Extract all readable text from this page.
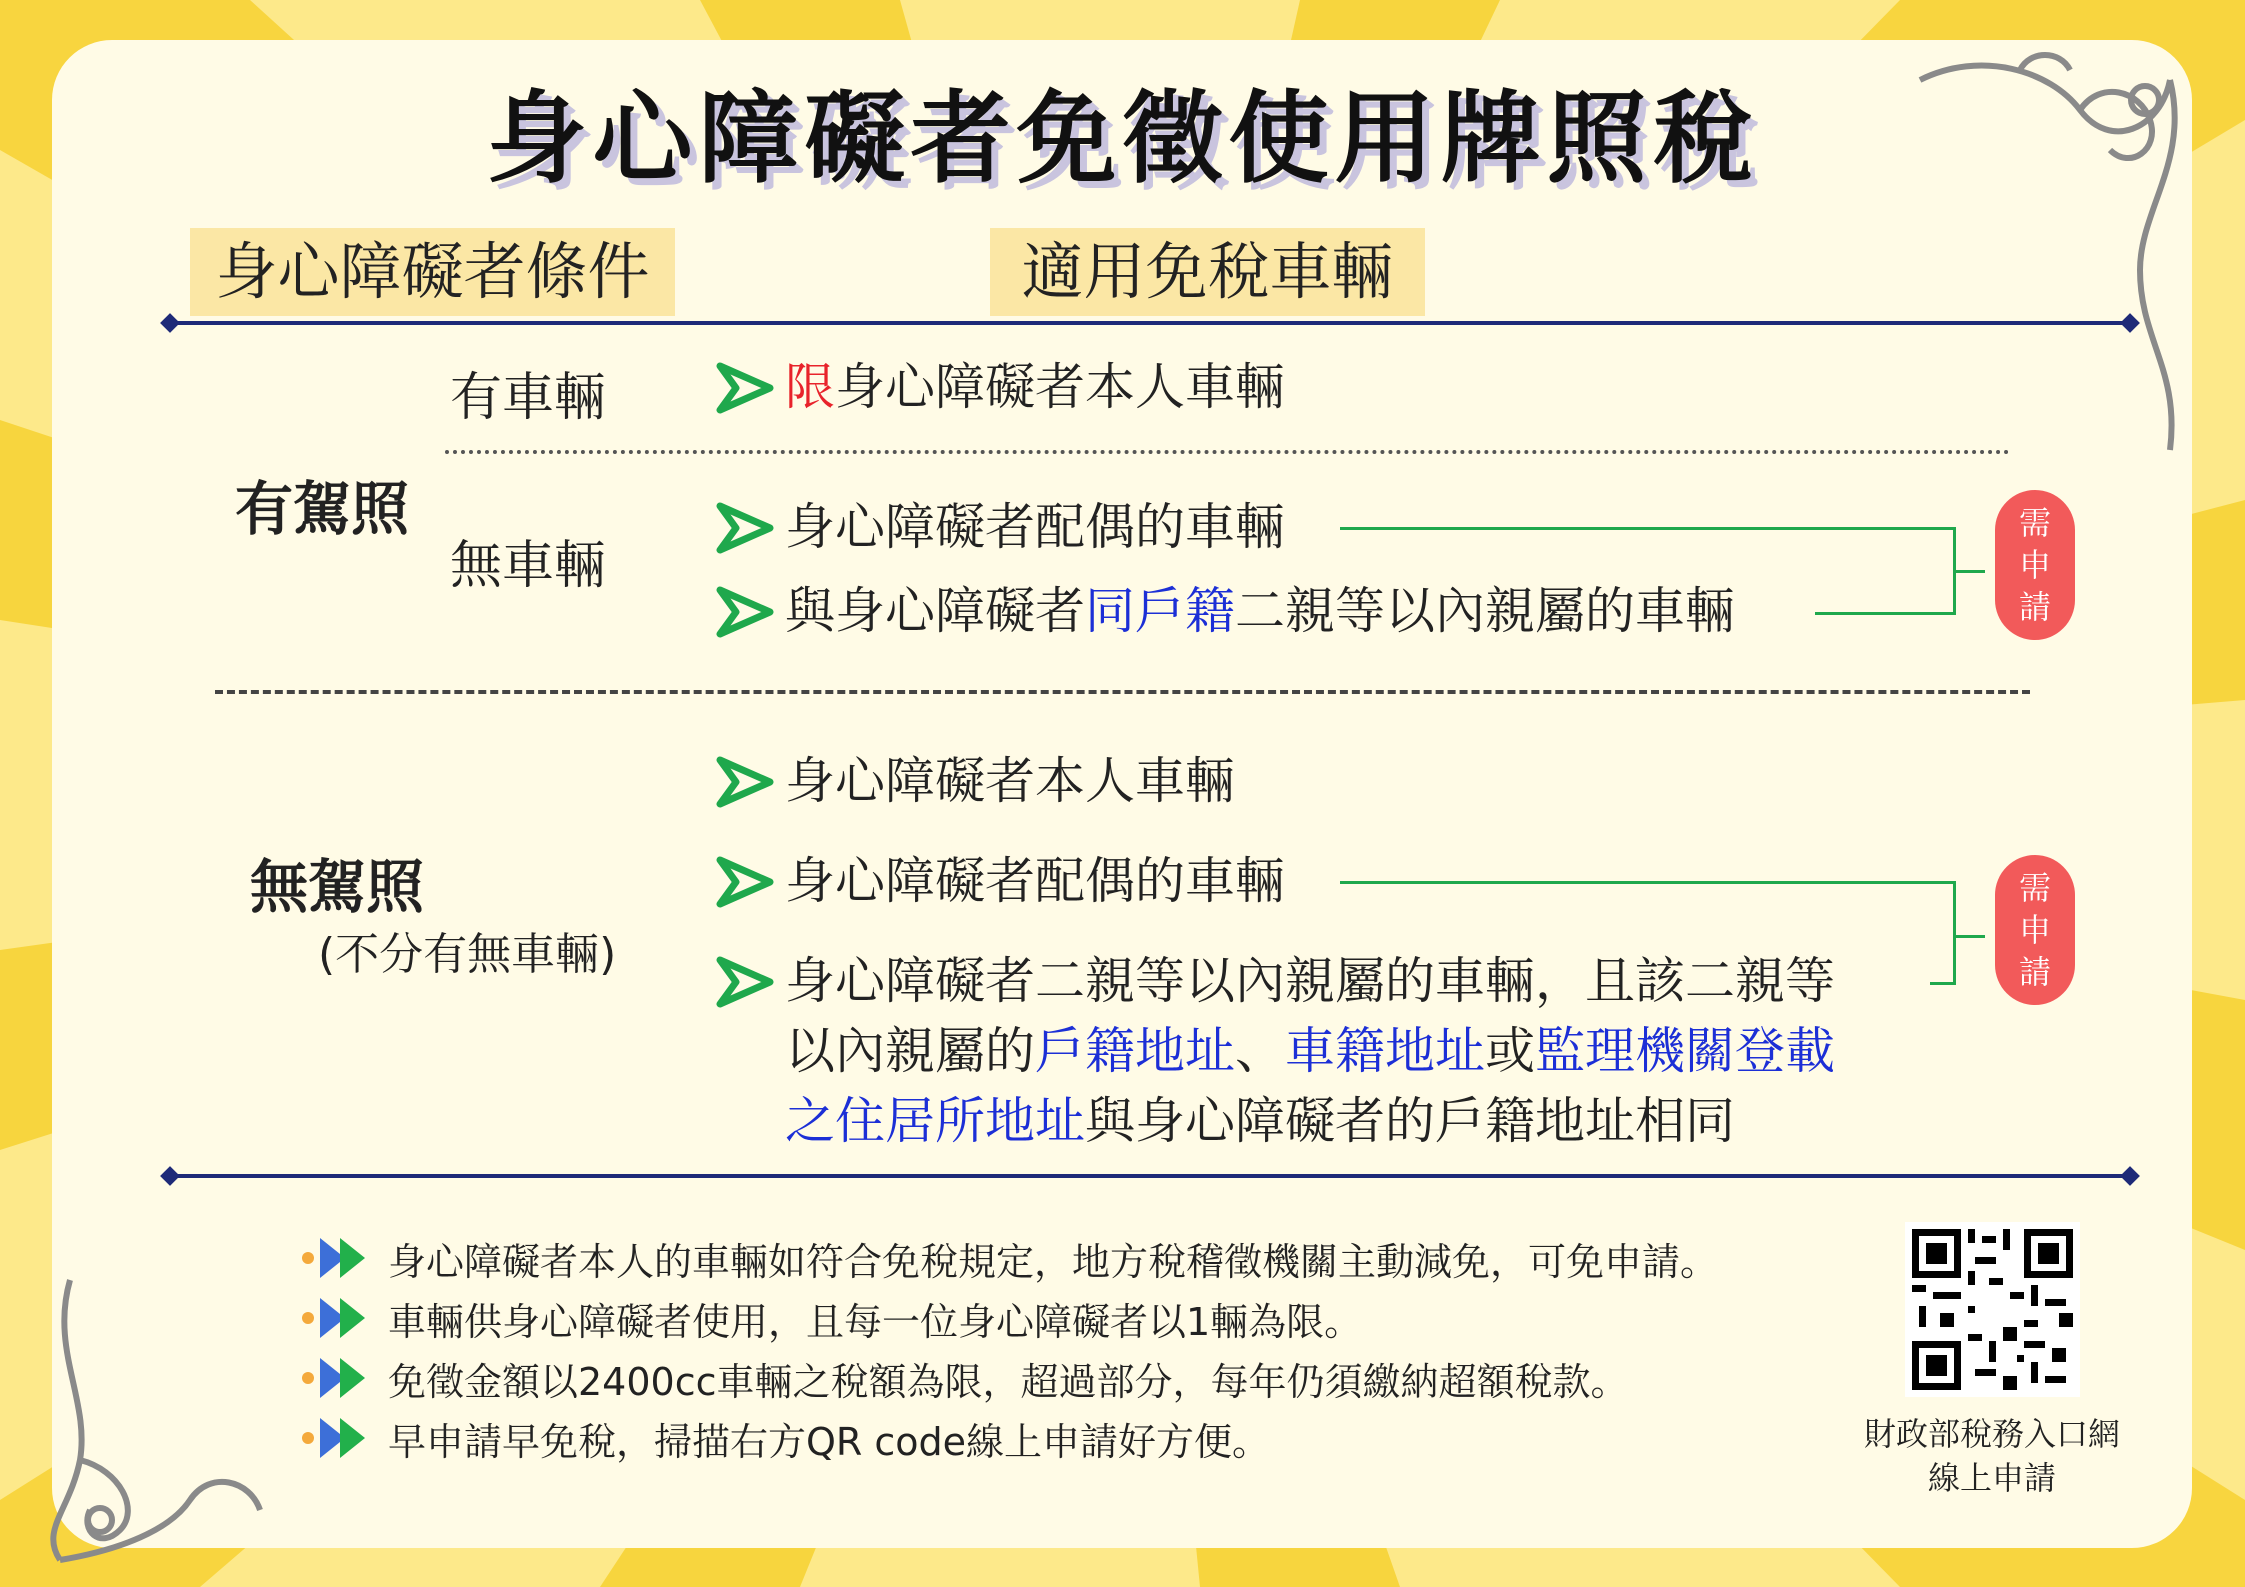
身心障礙者免徵使用牌照稅
身心障礙者條件	適用免稅車輛
有駕照
有車輛
無車輛
限身心障礙者本人車輛
身心障礙者配偶的車輛
與身心障礙者同戶籍二親等以內親屬的車輛
需
申
請
無駕照
(不分有無車輛)
身心障礙者本人車輛
身心障礙者配偶的車輛
身心障礙者二親等以內親屬的車輛，且該二親等
以內親屬的戶籍地址、車籍地址或監理機關登載
之住居所地址與身心障礙者的戶籍地址相同
需
申
請
身心障礙者本人的車輛如符合免稅規定，地方稅稽徵機關主動減免，可免申請。
車輛供身心障礙者使用，且每一位身心障礙者以1輛為限。
免徵金額以2400cc車輛之稅額為限，超過部分，每年仍須繳納超額稅款。
早申請早免稅，掃描右方QR code線上申請好方便。	財政部稅務入口網
線上申請
